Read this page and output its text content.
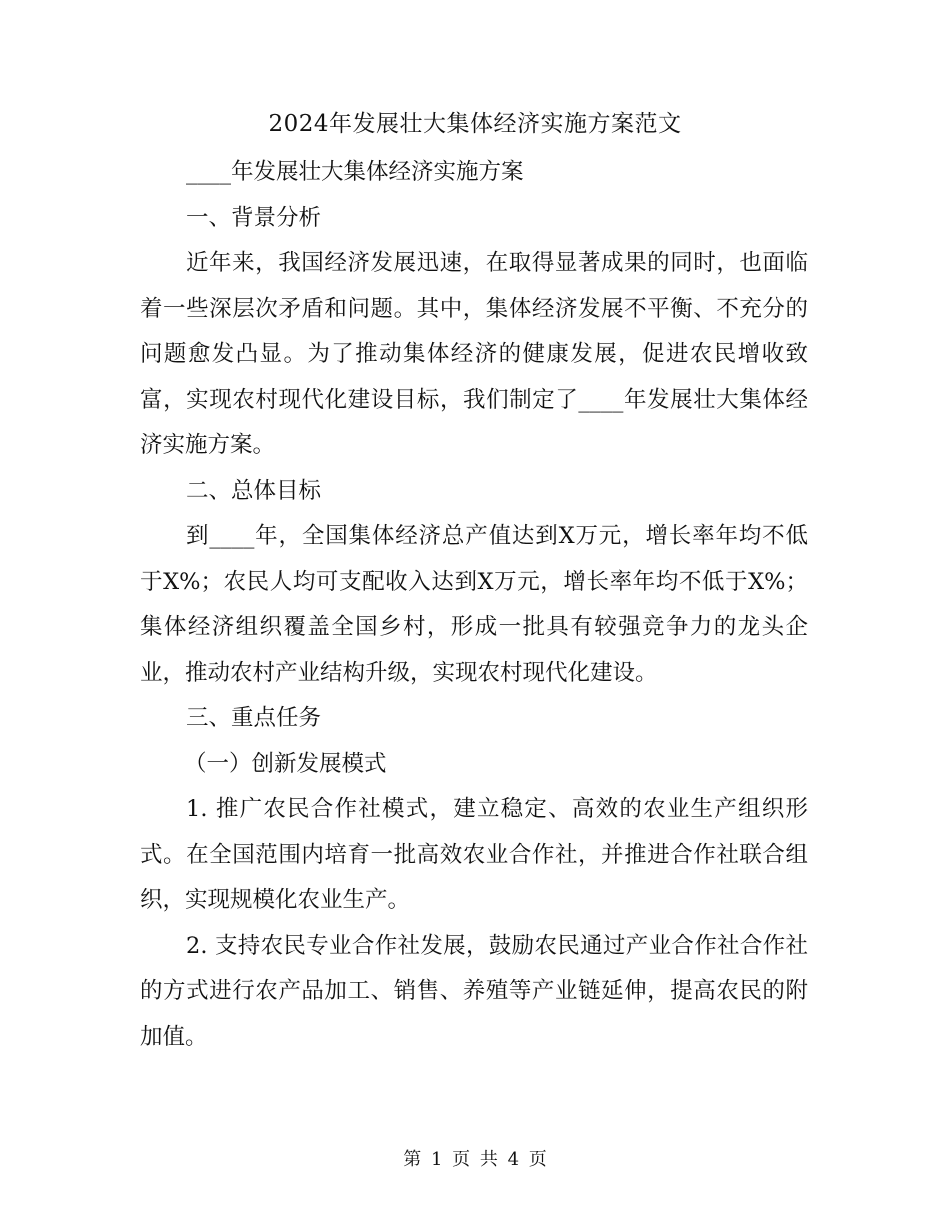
2024年发展壮大集体经济实施方案范文

____年发展壮大集体经济实施方案

一、背景分析

近年来，我国经济发展迅速，在取得显著成果的同时，也面临着一些深层次矛盾和问题。其中，集体经济发展不平衡、不充分的问题愈发凸显。为了推动集体经济的健康发展，促进农民增收致富，实现农村现代化建设目标，我们制定了____年发展壮大集体经济实施方案。

二、总体目标

到____年，全国集体经济总产值达到X万元，增长率年均不低于X%；农民人均可支配收入达到X万元，增长率年均不低于X%；集体经济组织覆盖全国乡村，形成一批具有较强竞争力的龙头企业，推动农村产业结构升级，实现农村现代化建设。

三、重点任务

（一）创新发展模式

1. 推广农民合作社模式，建立稳定、高效的农业生产组织形式。在全国范围内培育一批高效农业合作社，并推进合作社联合组织，实现规模化农业生产。

2. 支持农民专业合作社发展，鼓励农民通过产业合作社合作社的方式进行农产品加工、销售、养殖等产业链延伸，提高农民的附加值。

第 1 页 共 4 页
